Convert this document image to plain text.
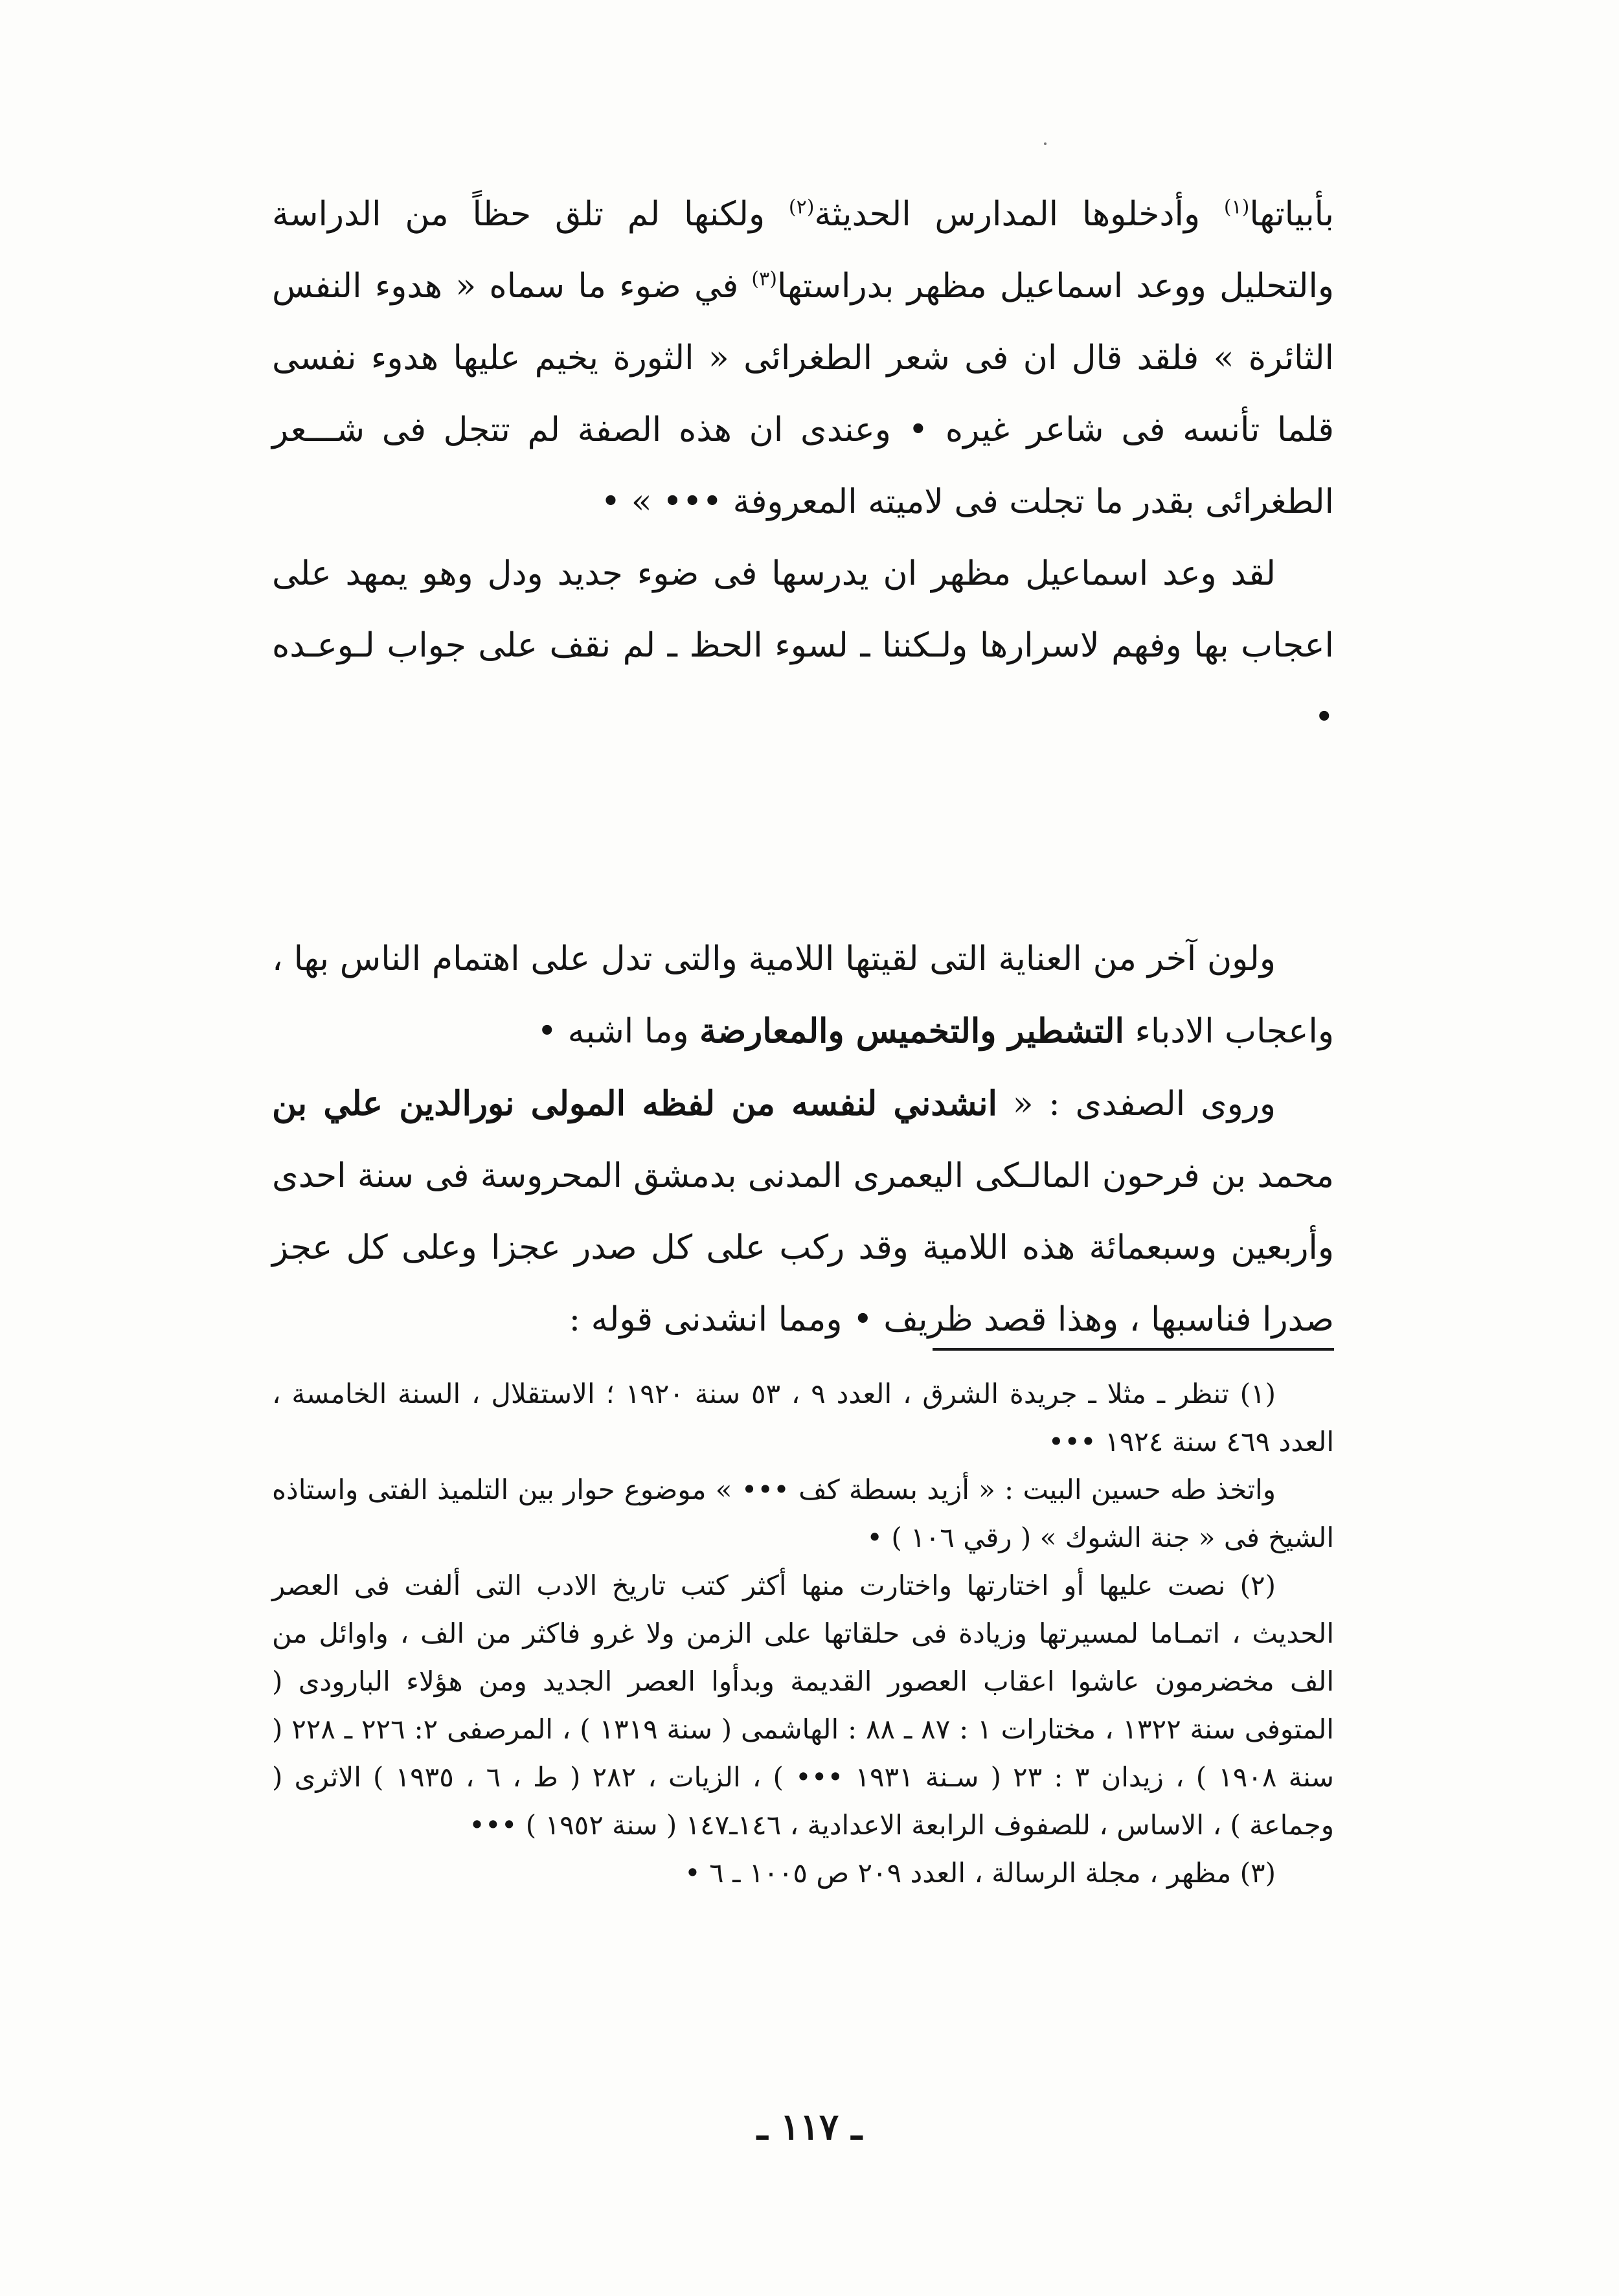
بأبياتها$^{(١)}$ وأدخلوها المدارس الحديثة$^{(٢)}$ ولكنها لم تلق حظاً من الدراسة والتحليل ووعد اسماعيل مظهر بدراستها$^{(٣)}$ في ضوء ما سماه « هدوء النفس الثائرة » فلقد قال ان فى شعر الطغرائى « الثورة يخيم عليها هدوء نفسى قلما تأنسه فى شاعر غيره • وعندى ان هذه الصفة لم تتجل فى شـــعر الطغرائى بقدر ما تجلت فى لاميته المعروفة ••• » •

لقد وعد اسماعيل مظهر ان يدرسها فى ضوء جديد ودل وهو يمهد على اعجاب بها وفهم لاسرارها ولـكننا ـ لسوء الحظ ـ لم نقف على جواب لـوعـده •

ولون آخر من العناية التى لقيتها اللامية والتى تدل على اهتمام الناس بها ، واعجاب الادباء التشطير والتخميس والمعارضة وما اشبه •

وروى الصفدى : « انشدني لنفسه من لفظه المولى نورالدين علي بن محمد بن فرحون المالـكى اليعمرى المدنى بدمشق المحروسة فى سنة احدى وأربعين وسبعمائة هذه اللامية وقد ركب على كل صدر عجزا وعلى كل عجز صدرا فناسبها ، وهذا قصد ظريف • ومما انشدنى قوله :

(١) تنظر ـ مثلا ـ جريدة الشرق ، العدد ٩ ، ٥٣ سنة ١٩٢٠ ؛ الاستقلال ، السنة الخامسة ، العدد ٤٦٩ سنة ١٩٢٤ •••

واتخذ طه حسين البيت : « أزيد بسطة كف ••• » موضوع حوار بين التلميذ الفتى واستاذه الشيخ فى « جنة الشوك » ( رقي ١٠٦ ) •

(٢) نصت عليها أو اختارتها واختارت منها أكثر كتب تاريخ الادب التى ألفت فى العصر الحديث ، اتمـاما لمسيرتها وزيادة فى حلقاتها على الزمن ولا غرو فاكثر من الف ، واوائل من الف مخضرمون عاشوا اعقاب العصور القديمة وبدأوا العصر الجديد ومن هؤلاء البارودى ( المتوفى سنة ١٣٢٢ ، مختارات ١ : ٨٧ ـ ٨٨ : الهاشمى ( سنة ١٣١٩ ) ، المرصفى ٢: ٢٢٦ ـ ٢٢٨ ( سنة ١٩٠٨ ) ، زيدان ٣ : ٢٣ ( سـنة ١٩٣١ ••• ) ، الزيات ، ٢٨٢ ( ط ، ٦ ، ١٩٣٥ ) الاثرى ( وجماعة ) ، الاساس ، للصفوف الرابعة الاعدادية ، ١٤٦ـ١٤٧ ( سنة ١٩٥٢ ) •••

(٣) مظهر ، مجلة الرسالة ، العدد ٢٠٩ ص ١٠٠٥ ـ ٦ •

ـ ١١٧ ـ
